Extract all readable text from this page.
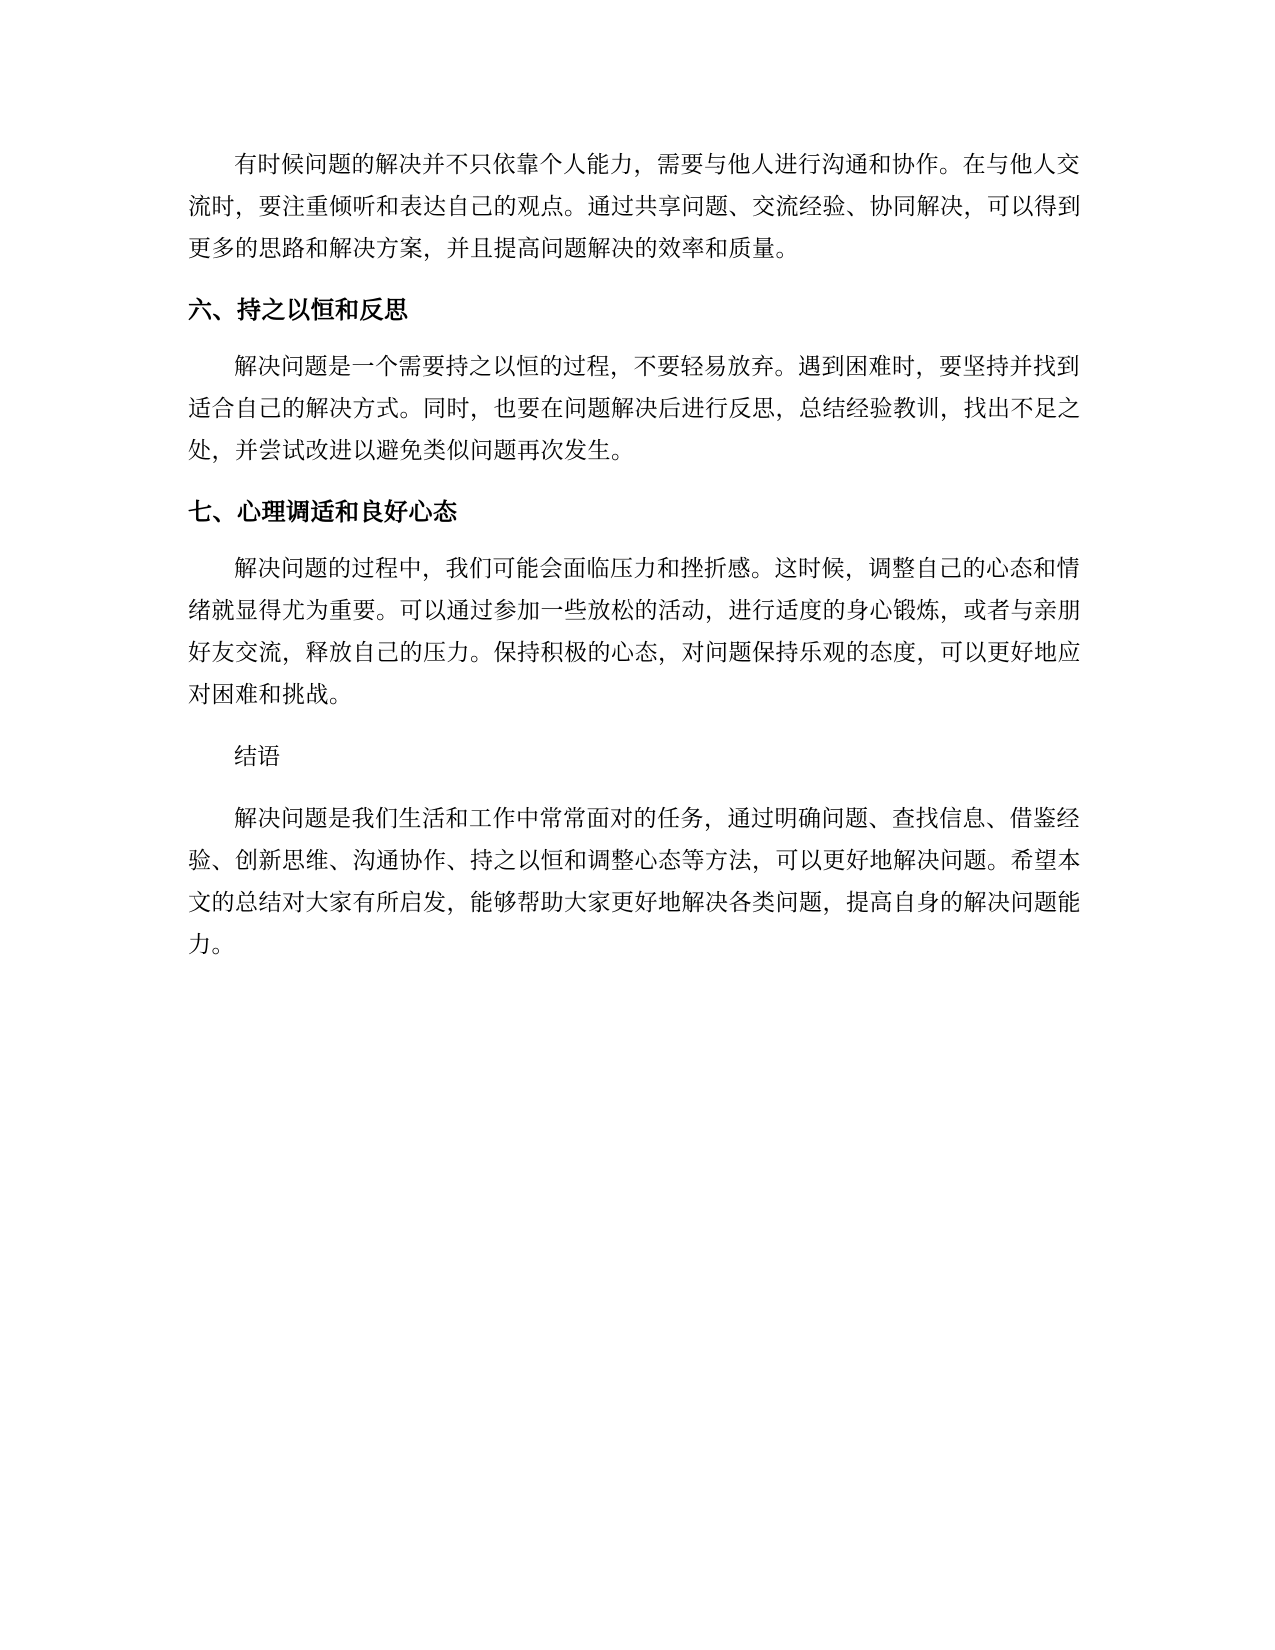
有时候问题的解决并不只依靠个人能力，需要与他人进行沟通和协作。在与他人交流时，要注重倾听和表达自己的观点。通过共享问题、交流经验、协同解决，可以得到更多的思路和解决方案，并且提高问题解决的效率和质量。

六、持之以恒和反思

解决问题是一个需要持之以恒的过程，不要轻易放弃。遇到困难时，要坚持并找到适合自己的解决方式。同时，也要在问题解决后进行反思，总结经验教训，找出不足之处，并尝试改进以避免类似问题再次发生。

七、心理调适和良好心态

解决问题的过程中，我们可能会面临压力和挫折感。这时候，调整自己的心态和情绪就显得尤为重要。可以通过参加一些放松的活动，进行适度的身心锻炼，或者与亲朋好友交流，释放自己的压力。保持积极的心态，对问题保持乐观的态度，可以更好地应对困难和挑战。

结语

解决问题是我们生活和工作中常常面对的任务，通过明确问题、查找信息、借鉴经验、创新思维、沟通协作、持之以恒和调整心态等方法，可以更好地解决问题。希望本文的总结对大家有所启发，能够帮助大家更好地解决各类问题，提高自身的解决问题能力。
